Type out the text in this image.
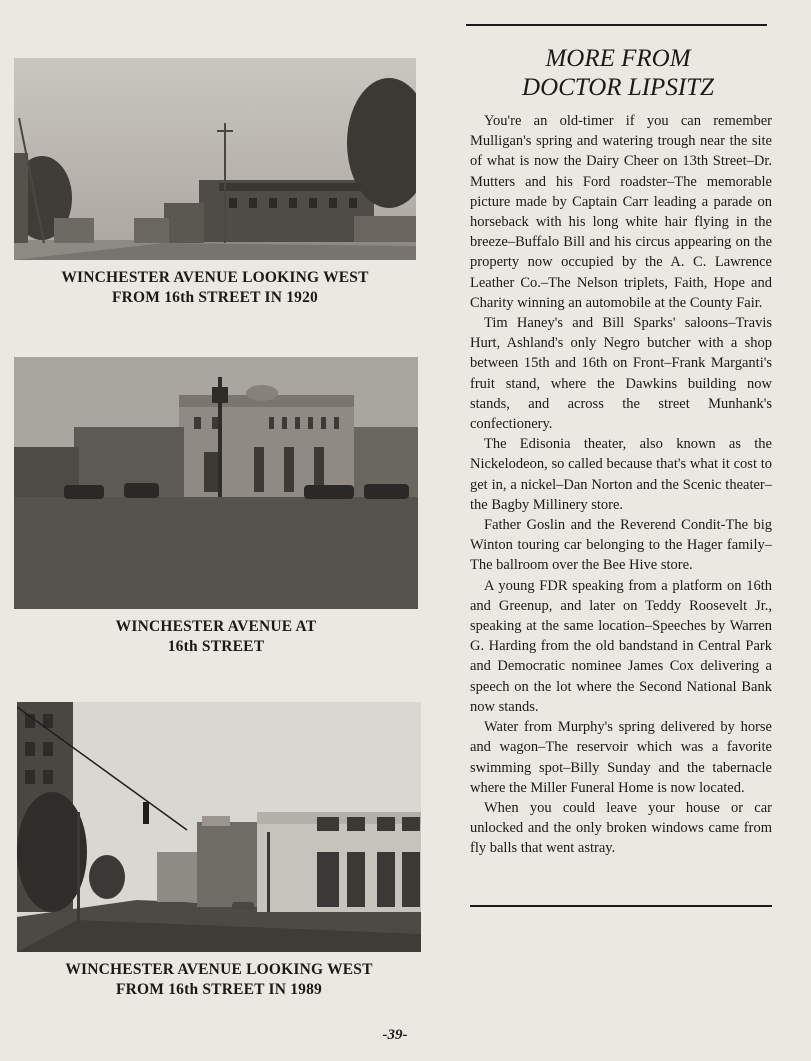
WINCHESTER AVENUE LOOKING WEST
FROM 16th STREET IN 1920
WINCHESTER AVENUE AT
16th STREET
WINCHESTER AVENUE LOOKING WEST
FROM 16th STREET IN 1989
MORE FROM
DOCTOR LIPSITZ

You're an old-timer if you can remember Mulligan's spring and watering trough near the site of what is now the Dairy Cheer on 13th Street–Dr. Mutters and his Ford roadster–The memorable picture made by Captain Carr leading a parade on horseback with his long white hair flying in the breeze–Buffalo Bill and his circus appearing on the property now occupied by the A. C. Lawrence Leather Co.–The Nelson triplets, Faith, Hope and Charity winning an automobile at the County Fair.

Tim Haney's and Bill Sparks' saloons–Travis Hurt, Ashland's only Negro butcher with a shop between 15th and 16th on Front–Frank Marganti's fruit stand, where the Dawkins building now stands, and across the street Munhank's confectionery.

The Edisonia theater, also known as the Nickelodeon, so called because that's what it cost to get in, a nickel–Dan Norton and the Scenic theater–the Bagby Millinery store.

Father Goslin and the Reverend Condit-The big Winton touring car belonging to the Hager family–The ballroom over the Bee Hive store.

A young FDR speaking from a platform on 16th and Greenup, and later on Teddy Roosevelt Jr., speaking at the same location–Speeches by Warren G. Harding from the old bandstand in Central Park and Democratic nominee James Cox delivering a speech on the lot where the Second National Bank now stands.

Water from Murphy's spring delivered by horse and wagon–The reservoir which was a favorite swimming spot–Billy Sunday and the tabernacle where the Miller Funeral Home is now located.

When you could leave your house or car unlocked and the only broken windows came from fly balls that went astray.

-39-
